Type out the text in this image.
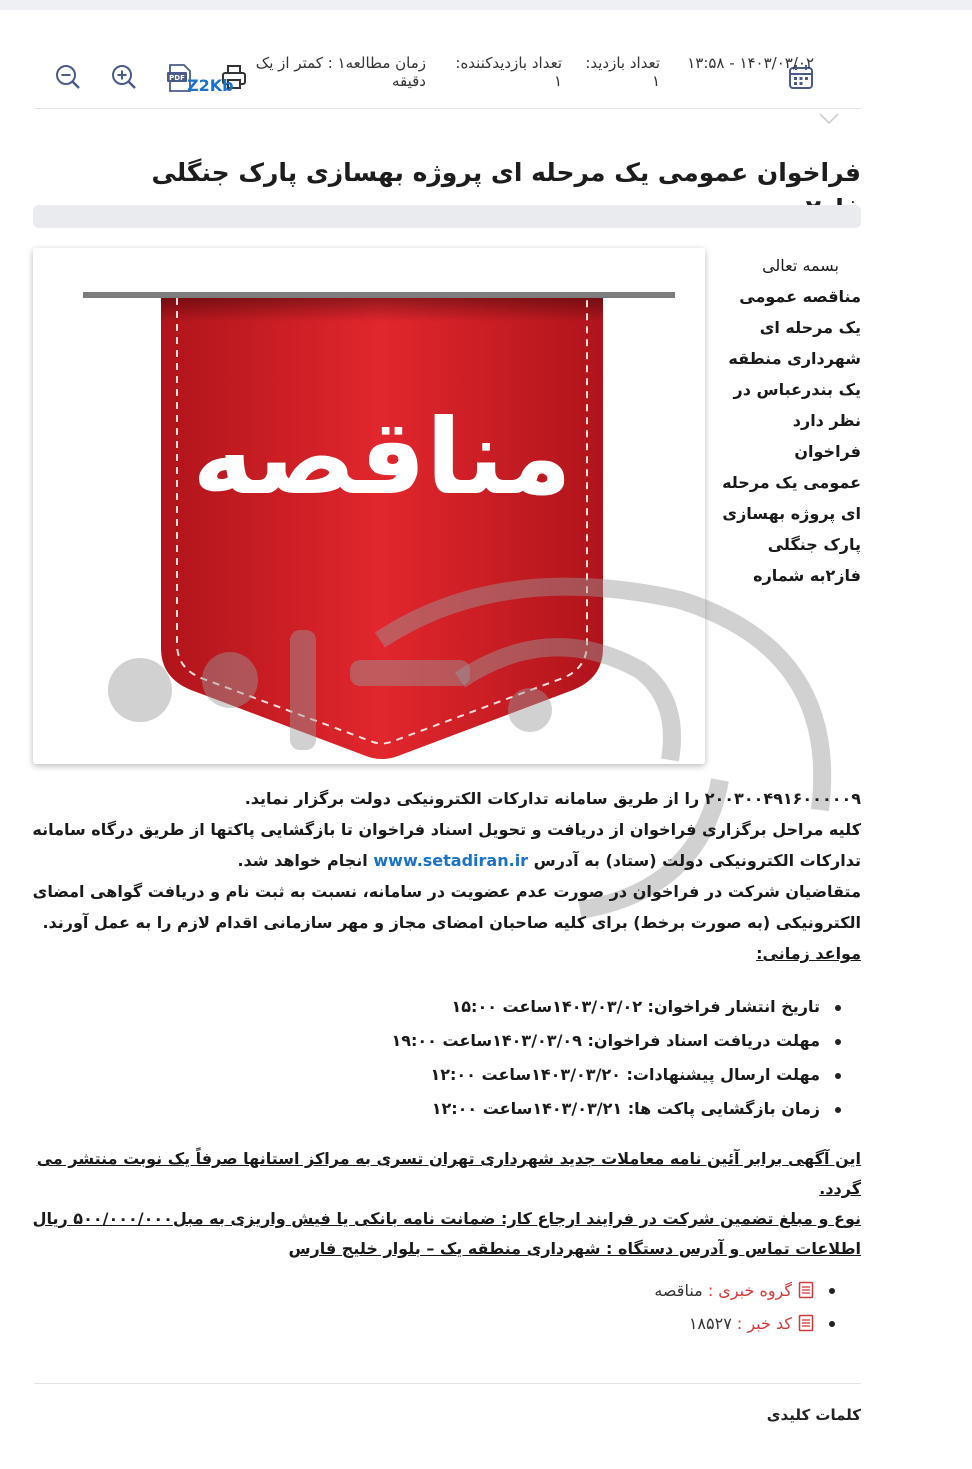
۱۴۰۳/۰۳/۰۲ - ۱۳:۵۸
تعداد بازدید: ۱
تعداد بازدیدکننده: ۱
زمان مطالعه۱ : کمتر از یک دقیقه
PDF Z2Kb
فراخوان عمومی یک مرحله ای پروژه بهسازی پارک جنگلی
مناقصه
بسمه تعالی
مناقصه عمومی
یک مرحله ای
شهرداری منطقه
یک بندرعباس در
نظر دارد فراخوان
عمومی یک مرحله
ای پروژه بهسازی
پارک جنگلی
فاز۲به شماره
۲۰۰۳۰۰۴۹۱۶۰۰۰۰۰۹ را از طریق سامانه تدارکات الکترونیکی دولت برگزار نماید.
کلیه مراحل برگزاری فراخوان از دریافت و تحویل اسناد فراخوان تا بازگشایی پاکتها از طریق درگاه سامانه تدارکات الکترونیکی دولت (ستاد) به آدرس www.setadiran.ir انجام خواهد شد.
متقاضیان شرکت در فراخوان در صورت عدم عضویت در سامانه، نسبت به ثبت نام و دریافت گواهی امضای الکترونیکی (به صورت برخط) برای کلیه صاحبان امضای مجاز و مهر سازمانی اقدام لازم را به عمل آورند.
مواعد زمانی:
تاریخ انتشار فراخوان: ۱۴۰۳/۰۳/۰۲ساعت ۱۵:۰۰
مهلت دریافت اسناد فراخوان: ۱۴۰۳/۰۳/۰۹ساعت ۱۹:۰۰
مهلت ارسال پیشنهادات: ۱۴۰۳/۰۳/۲۰ساعت ۱۲:۰۰
زمان بازگشایی پاکت ها: ۱۴۰۳/۰۳/۲۱ساعت ۱۲:۰۰
این آگهی برابر آئین نامه معاملات جدید شهرداری تهران تسری به مراکز استانها صرفاً یک نوبت منتشر می گردد.
نوع و مبلغ تضمین شرکت در فرایند ارجاع کار: ضمانت نامه بانکی یا فیش واریزی به مبل۵۰۰/۰۰۰/۰۰۰ ریال
اطلاعات تماس و آدرس دستگاه : شهرداری منطقه یک – بلوار خلیج فارس
گروه خبری : مناقصه
کد خبر : ۱۸۵۲۷
کلمات کلیدی
